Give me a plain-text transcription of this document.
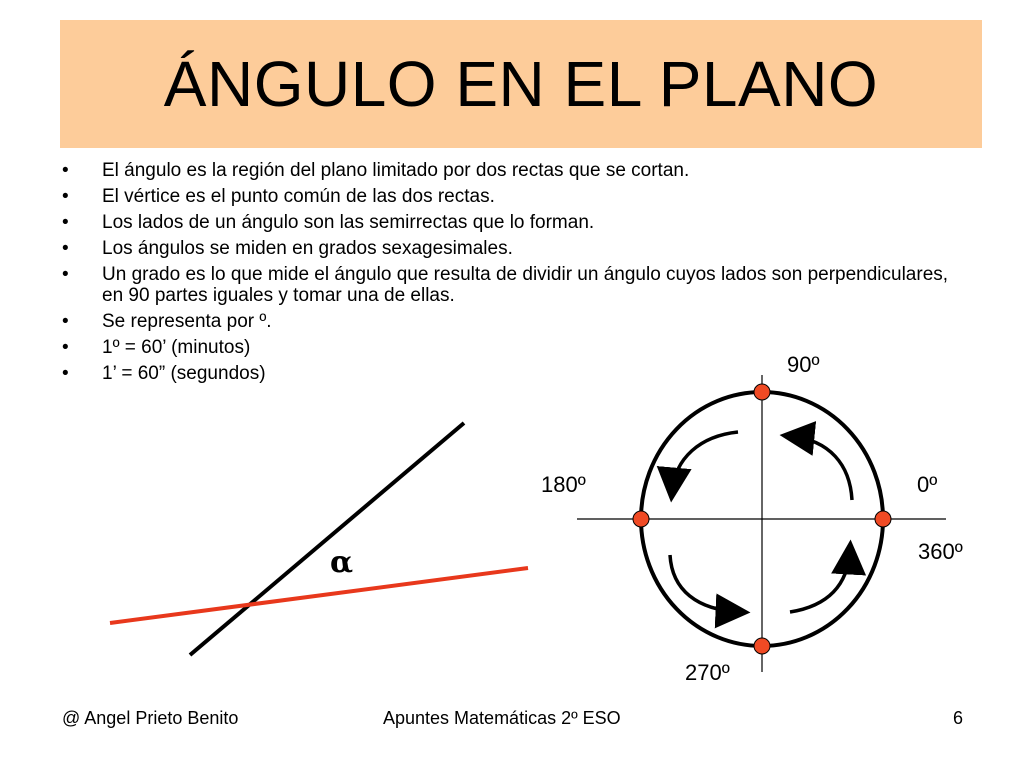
ÁNGULO EN EL PLANO
• El ángulo es la región del plano limitado por dos rectas que se cortan.
• El vértice es el punto común de las dos rectas.
• Los lados de un ángulo son las semirrectas que lo forman.
• Los ángulos se miden en grados sexagesimales.
• Un grado es lo que mide el ángulo que resulta de dividir un ángulo cuyos lados son perpendiculares, en 90 partes iguales y tomar una de ellas.
• Se representa por º.
• 1º = 60’ (minutos)
• 1’ = 60” (segundos)
α
90º
180º	0º
360º
270º
@ Angel Prieto Benito	Apuntes Matemáticas 2º ESO	6
